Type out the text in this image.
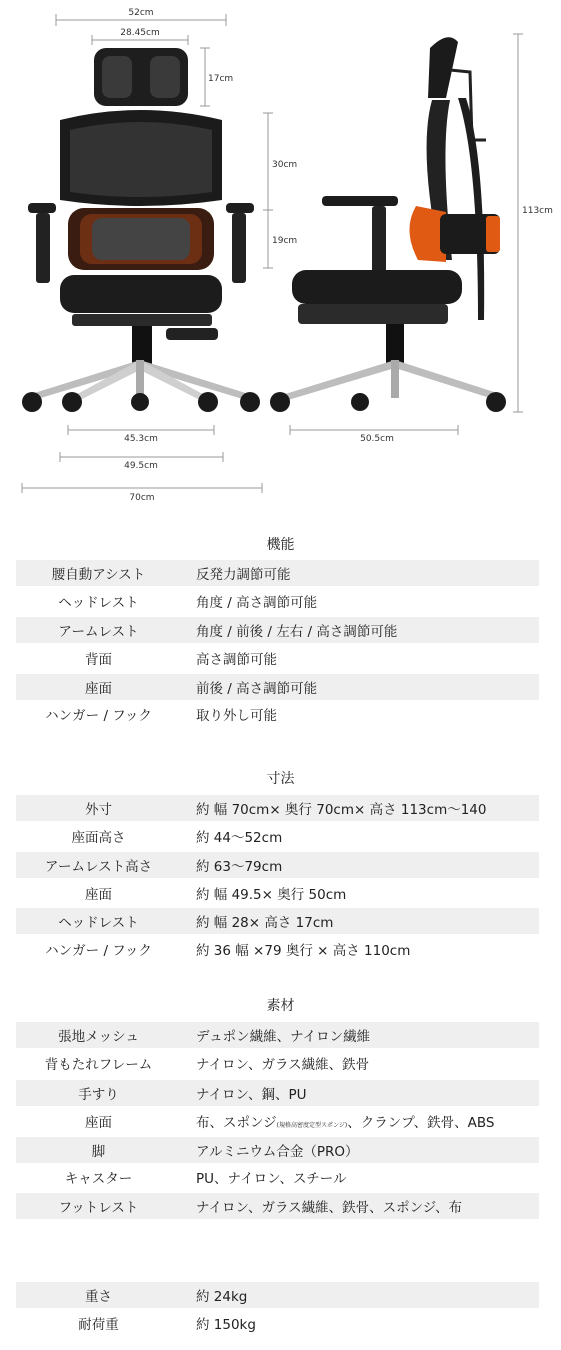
52cm
28.45cm
17cm
30cm
19cm
45.3cm
49.5cm
70cm
50.5cm
113cm
機能
腰自動アシスト	反発力調節可能
ヘッドレスト	角度 / 高さ調節可能
アームレスト	角度 / 前後 / 左右 / 高さ調節可能
背面	高さ調節可能
座面	前後 / 高さ調節可能
ハンガー / フック	取り外し可能
寸法
外寸	約 幅 70cm× 奥行 70cm× 高さ 113cm〜140
座面高さ	約 44〜52cm
アームレスト高さ	約 63〜79cm
座面	約 幅 49.5× 奥行 50cm
ヘッドレスト	約 幅 28× 高さ 17cm
ハンガー / フック	約 36 幅 ×79 奥行 × 高さ 110cm
素材
張地メッシュ	デュポン繊維、ナイロン繊維
背もたれフレーム	ナイロン、ガラス繊維、鉄骨
手すり	ナイロン、鋼、PU
座面	布、スポンジ(規格高密度定型スポンジ)、クランプ、鉄骨、ABS
脚	アルミニウム合金（PRO）
キャスター	PU、ナイロン、スチール
フットレスト	ナイロン、ガラス繊維、鉄骨、スポンジ、布
重さ	約 24kg
耐荷重	約 150kg
